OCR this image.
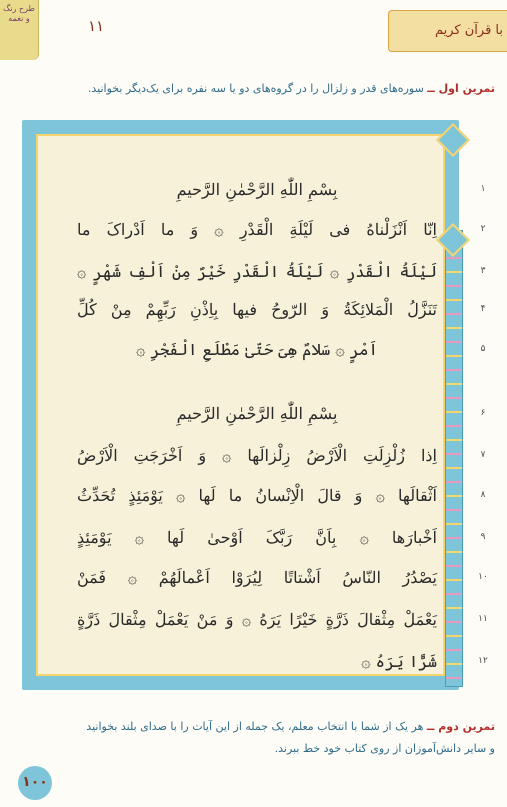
طرح رنگ و نغمه
با قرآن کریم
۱۱
تمرین اول ــ سوره‌های قدر و زلزال را در گروه‌های دو یا سه نفره برای یک‌دیگر بخوانید.
بِسْمِ اللّٰهِ الرَّحْمٰنِ الرَّحیمِ	۱
اِنّا اَنْزَلْناهُ فی لَیْلَةِ الْقَدْرِ ۞ وَ ما اَدْراکَ ما	۲
لَیْلَةُ الْقَدْرِ ۞ لَیْلَةُ الْقَدْرِ خَیْرٌ مِنْ اَلْفِ شَهْرٍ ۞	۳
تَنَزَّلُ الْمَلائِکَةُ وَ الرّوحُ فیها بِاِذْنِ رَبِّهِمْ مِنْ کُلِّ	۴
اَمْرٍ ۞ سَلامٌ هِیَ حَتّیٰ مَطْلَعِ الْفَجْرِ ۞	۵
بِسْمِ اللّٰهِ الرَّحْمٰنِ الرَّحیمِ	۶
اِذا زُلْزِلَتِ الْاَرْضُ زِلْزالَها ۞ وَ اَخْرَجَتِ الْاَرْضُ	۷
اَثْقالَها ۞ وَ قالَ الْاِنْسانُ ما لَها ۞ یَوْمَئِذٍ تُحَدِّثُ	۸
اَخْبارَها ۞ بِاَنَّ رَبَّکَ اَوْحیٰ لَها ۞ یَوْمَئِذٍ	۹
یَصْدُرُ النّاسُ اَشْتاتًا لِیُرَوْا اَعْمالَهُمْ ۞ فَمَنْ	۱۰
یَعْمَلْ مِثْقالَ ذَرَّةٍ خَیْرًا یَرَهُ ۞ وَ مَنْ یَعْمَلْ مِثْقالَ ذَرَّةٍ	۱۱
شَرًّا یَرَهُ ۞	۱۲
تمرین دوم ــ هر یک از شما با انتخاب معلم، یک جمله از این آیات را با صدای بلند بخوانید
و سایر دانش‌آموزان از روی کتاب خود خط ببرند.
۱۰۰
